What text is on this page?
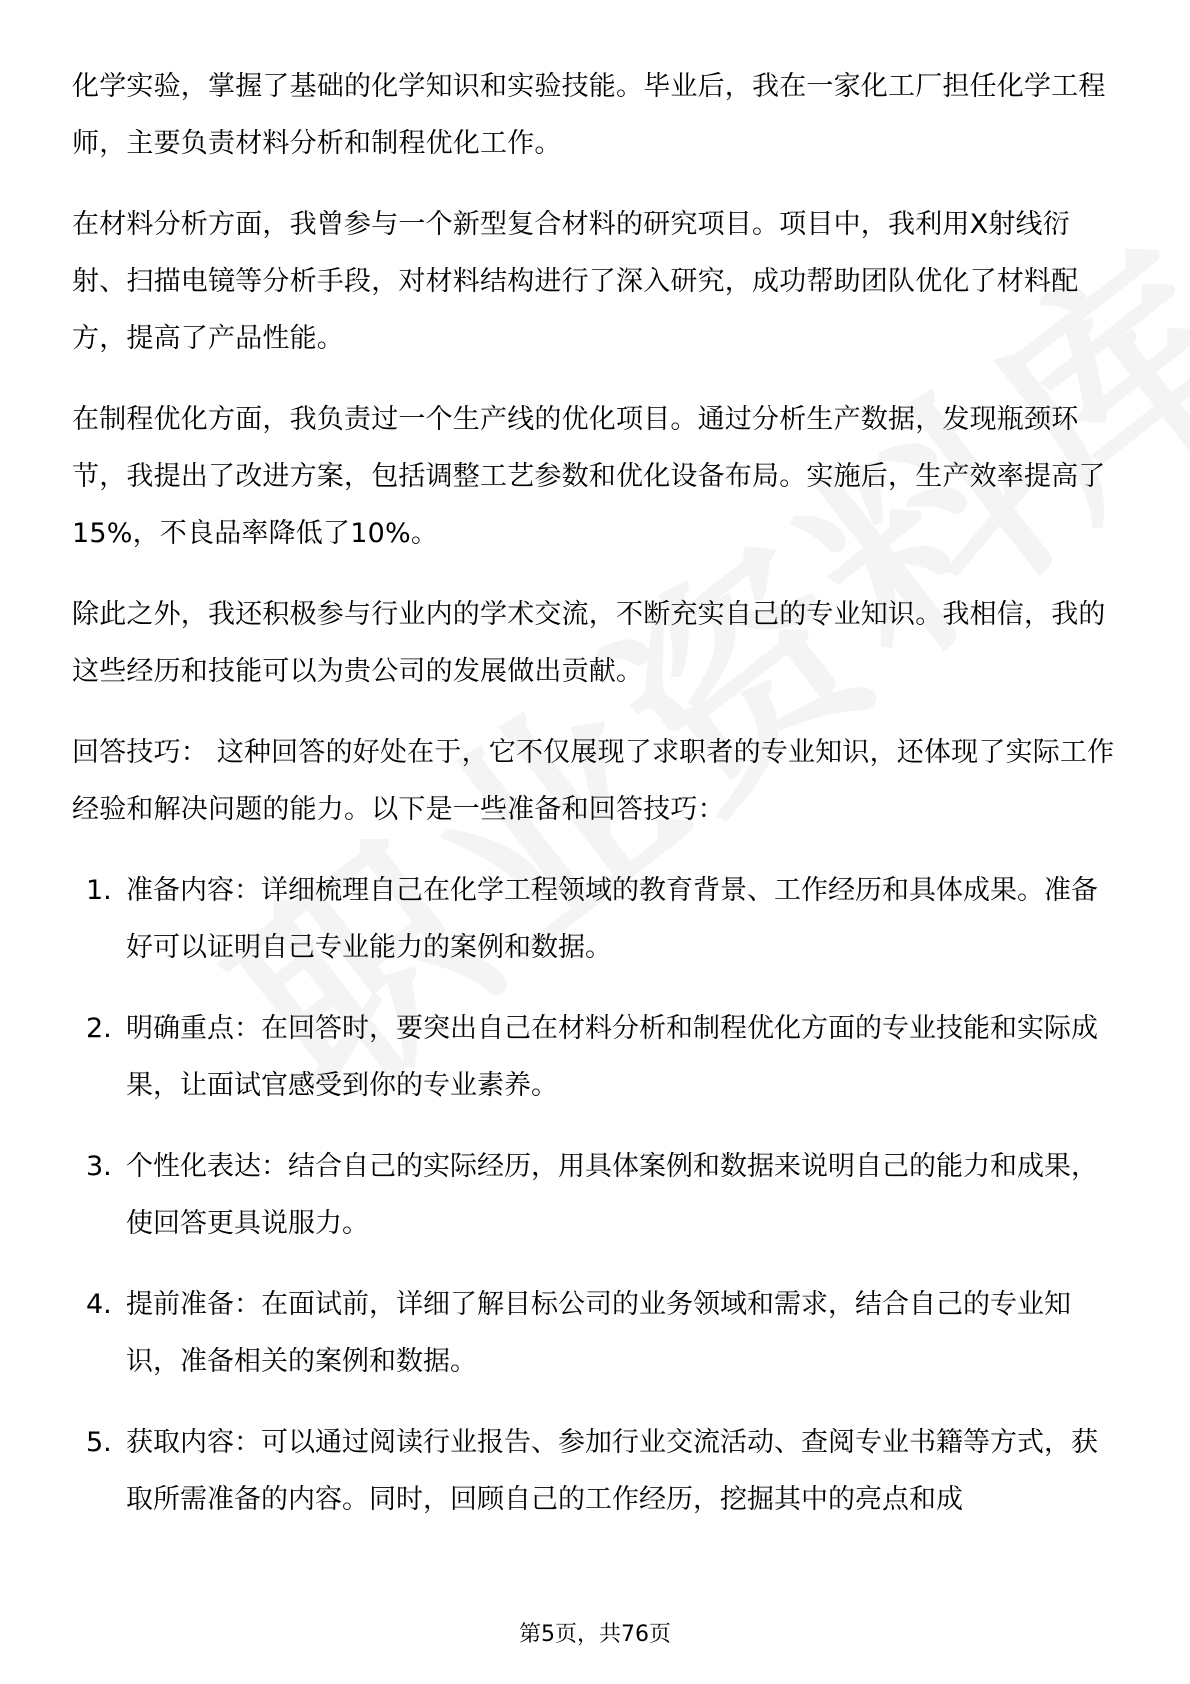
化学实验，掌握了基础的化学知识和实验技能。毕业后，我在一家化工厂担任化学工程师，主要负责材料分析和制程优化工作。

在材料分析方面，我曾参与一个新型复合材料的研究项目。项目中，我利用X射线衍射、扫描电镜等分析手段，对材料结构进行了深入研究，成功帮助团队优化了材料配方，提高了产品性能。

在制程优化方面，我负责过一个生产线的优化项目。通过分析生产数据，发现瓶颈环节，我提出了改进方案，包括调整工艺参数和优化设备布局。实施后，生产效率提高了15%，不良品率降低了10%。

除此之外，我还积极参与行业内的学术交流，不断充实自己的专业知识。我相信，我的这些经历和技能可以为贵公司的发展做出贡献。

回答技巧： 这种回答的好处在于，它不仅展现了求职者的专业知识，还体现了实际工作经验和解决问题的能力。以下是一些准备和回答技巧：

1. 准备内容：详细梳理自己在化学工程领域的教育背景、工作经历和具体成果。准备好可以证明自己专业能力的案例和数据。
2. 明确重点：在回答时，要突出自己在材料分析和制程优化方面的专业技能和实际成果，让面试官感受到你的专业素养。
3. 个性化表达：结合自己的实际经历，用具体案例和数据来说明自己的能力和成果，使回答更具说服力。
4. 提前准备：在面试前，详细了解目标公司的业务领域和需求，结合自己的专业知识，准备相关的案例和数据。
5. 获取内容：可以通过阅读行业报告、参加行业交流活动、查阅专业书籍等方式，获取所需准备的内容。同时，回顾自己的工作经历，挖掘其中的亮点和成
第5页，共76页
